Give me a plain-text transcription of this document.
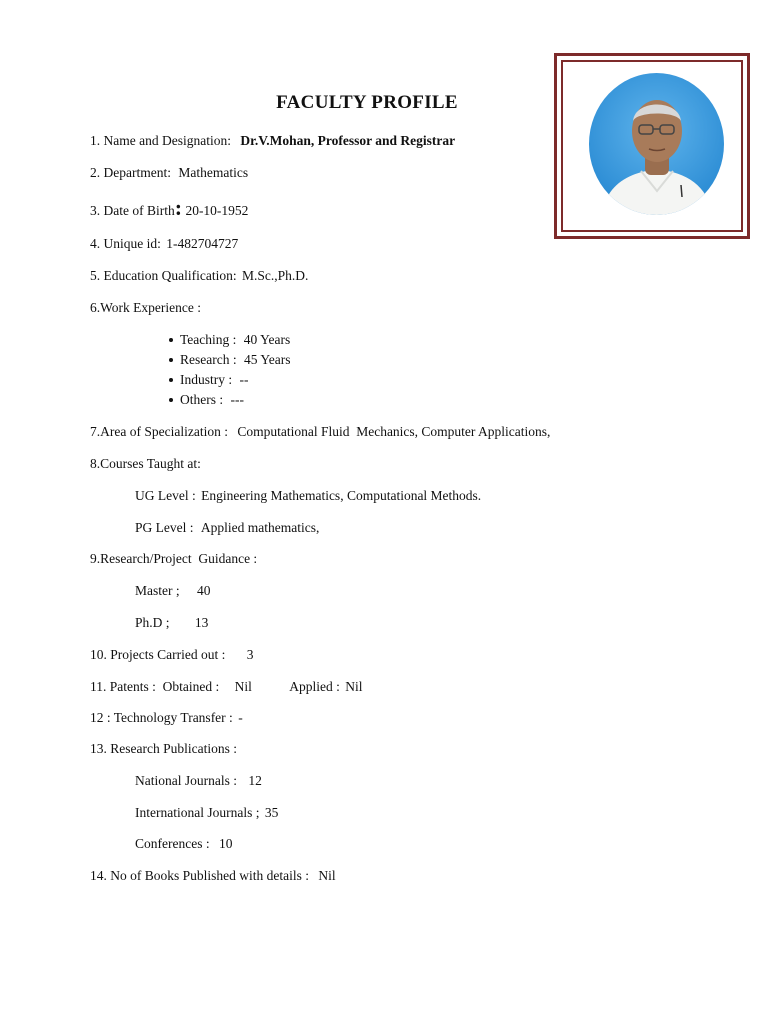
FACULTY PROFILE
1. Name and Designation: Dr.V.Mohan, Professor and Registrar
2. Department: Mathematics
3. Date of Birth: 20-10-1952
4. Unique id: 1-482704727
5. Education Qualification: M.Sc.,Ph.D.
6.Work Experience :
Teaching : 40 Years
Research : 45 Years
Industry : --
Others : ---
7.Area of Specialization : Computational Fluid  Mechanics, Computer Applications,
8.Courses Taught at:
UG Level : Engineering Mathematics, Computational Methods.
PG Level : Applied mathematics,
9.Research/Project  Guidance :
Master ; 40
Ph.D ; 13
10. Projects Carried out : 3
11. Patents :  Obtained : Nil	Applied : Nil
12 : Technology Transfer : -
13. Research Publications :
National Journals : 12
International Journals ; 35
Conferences : 10
14. No of Books Published with details : Nil
